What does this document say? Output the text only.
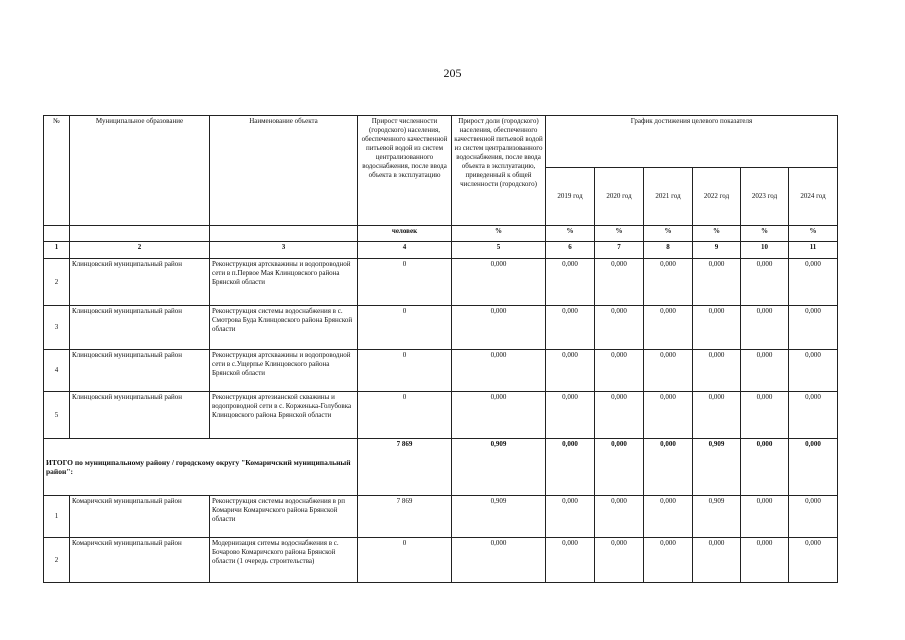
205
№	Муниципальное образование	Наименование объекта	Прирост численности (городского) населения, обеспеченного качественной питьевой водой из систем централизованного водоснабжения, после ввода объекта в эксплуатацию	Прирост доли (городского) населения, обеспеченного качественной питьевой водой из систем централизованного водоснабжения, после ввода объекта в эксплуатацию, приведенный к общей численности (городского)	График достижения целевого показателя					
					2019 год	2020 год	2021 год	2022 год	2023 год	2024 год
			человек	%	%	%	%	%	%	%
1	2	3	4	5	6	7	8	9	10	11
2	Клинцовский муниципальный район	Реконструкция артскважины и водопроводной сети в п.Первое Мая Клинцовского района Брянской области	0	0,000	0,000	0,000	0,000	0,000	0,000	0,000
3	Клинцовский муниципальный район	Реконструкция системы водоснабжения в с. Смотрова Буда Клинцовского района Брянской области	0	0,000	0,000	0,000	0,000	0,000	0,000	0,000
4	Клинцовский муниципальный район	Реконструкция артскважины и водопроводной сети в с.Ущерпье Клинцовского района Брянской области	0	0,000	0,000	0,000	0,000	0,000	0,000	0,000
5	Клинцовский муниципальный район	Реконструкция артезианской скважины и водопроводной сети в с. Корженька-Голубовка Клинцовского района Брянской области	0	0,000	0,000	0,000	0,000	0,000	0,000	0,000
ИТОГО по муниципальному району / городскому округу "Комаричский муниципальный район":			7 869	0,909	0,000	0,000	0,000	0,909	0,000	0,000
1	Комаричский муниципальный район	Реконструкция системы водоснабжения в рп Комаричи Комаричского района Брянской области	7 869	0,909	0,000	0,000	0,000	0,909	0,000	0,000
2	Комаричский муниципальный район	Модернизация ситемы водоснабжения в с. Бочарово Комаричского района Брянской области (1 очередь строительства)	0	0,000	0,000	0,000	0,000	0,000	0,000	0,000
